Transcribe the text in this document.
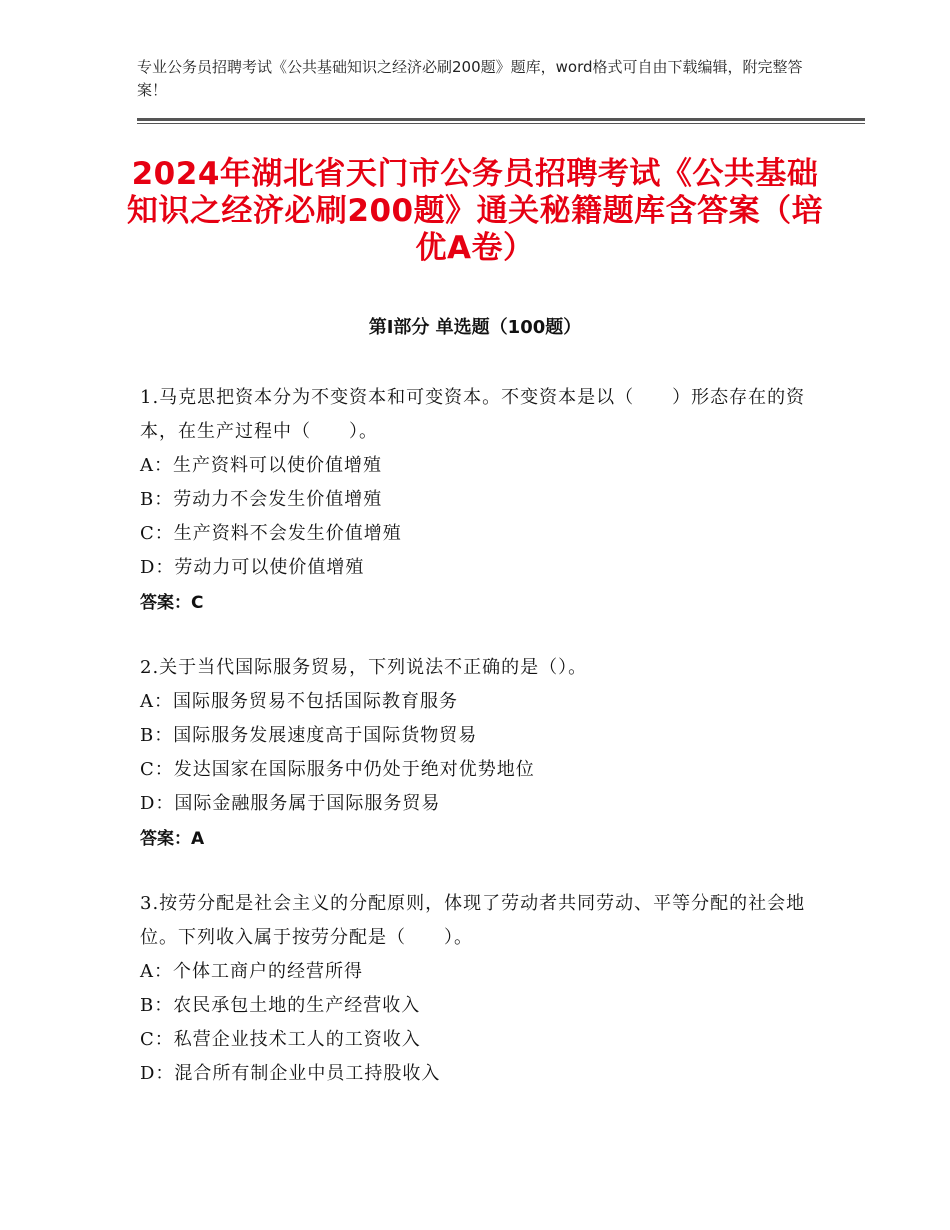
专业公务员招聘考试《公共基础知识之经济必刷200题》题库，word格式可自由下载编辑，附完整答案！
2024年湖北省天门市公务员招聘考试《公共基础知识之经济必刷200题》通关秘籍题库含答案（培优A卷）
第Ⅰ部分 单选题（100题）
1.马克思把资本分为不变资本和可变资本。不变资本是以（　　）形态存在的资本，在生产过程中（　　）。
A：生产资料可以使价值增殖
B：劳动力不会发生价值增殖
C：生产资料不会发生价值增殖
D：劳动力可以使价值增殖
答案：C
2.关于当代国际服务贸易，下列说法不正确的是（）。
A：国际服务贸易不包括国际教育服务
B：国际服务发展速度高于国际货物贸易
C：发达国家在国际服务中仍处于绝对优势地位
D：国际金融服务属于国际服务贸易
答案：A
3.按劳分配是社会主义的分配原则，体现了劳动者共同劳动、平等分配的社会地位。下列收入属于按劳分配是（　　）。
A：个体工商户的经营所得
B：农民承包土地的生产经营收入
C：私营企业技术工人的工资收入
D：混合所有制企业中员工持股收入
